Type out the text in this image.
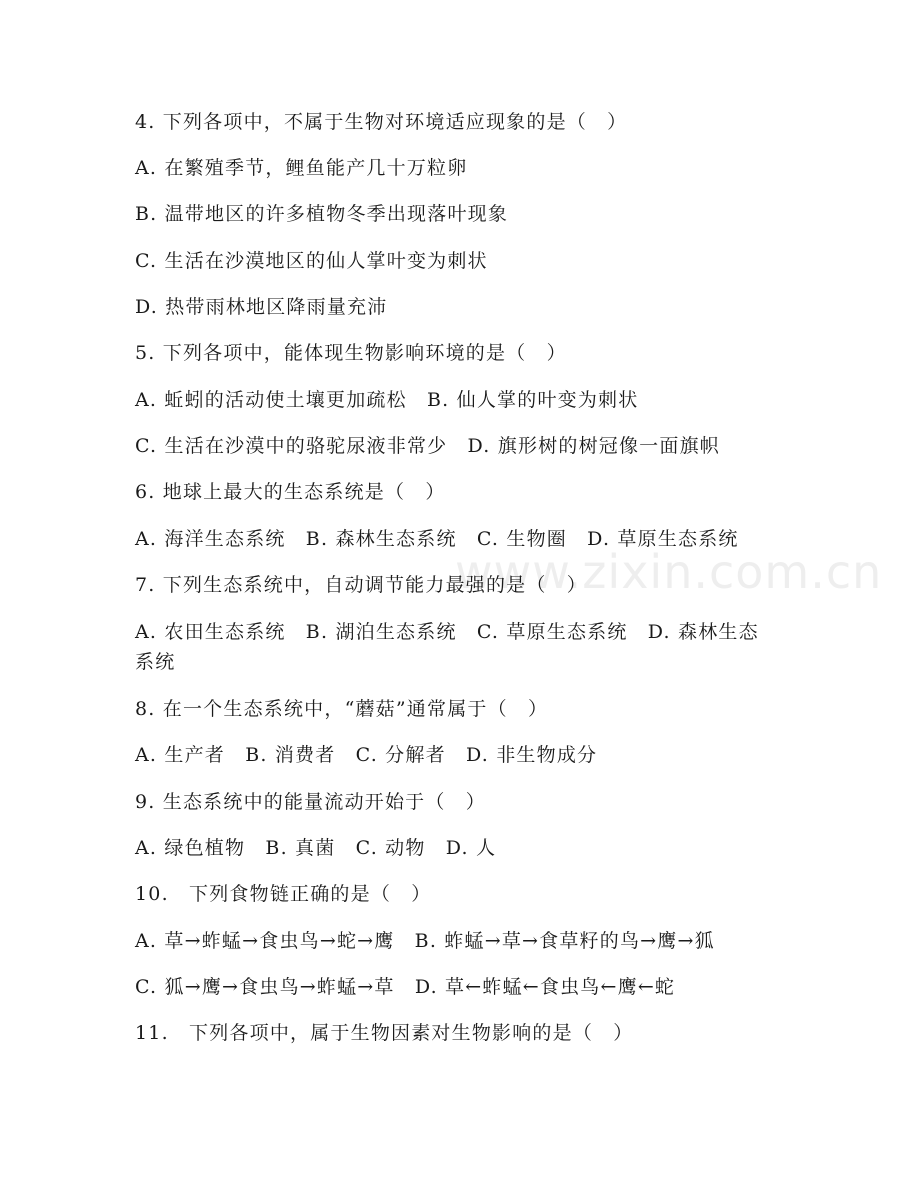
www.zixin.com.cn
4. 下列各项中，不属于生物对环境适应现象的是（　）
A. 在繁殖季节，鲤鱼能产几十万粒卵
B. 温带地区的许多植物冬季出现落叶现象
C. 生活在沙漠地区的仙人掌叶变为刺状
D. 热带雨林地区降雨量充沛
5. 下列各项中，能体现生物影响环境的是（　）
A. 蚯蚓的活动使土壤更加疏松　B. 仙人掌的叶变为刺状
C. 生活在沙漠中的骆驼尿液非常少　D. 旗形树的树冠像一面旗帜
6. 地球上最大的生态系统是（　）
A. 海洋生态系统　B. 森林生态系统　C. 生物圈　D. 草原生态系统
7. 下列生态系统中，自动调节能力最强的是（　）
A. 农田生态系统　B. 湖泊生态系统　C. 草原生态系统　D. 森林生态系统
8. 在一个生态系统中，“蘑菇”通常属于（　）
A. 生产者　B. 消费者　C. 分解者　D. 非生物成分
9. 生态系统中的能量流动开始于（　）
A. 绿色植物　B. 真菌　C. 动物　D. 人
10.　下列食物链正确的是（　）
A. 草→蚱蜢→食虫鸟→蛇→鹰　B. 蚱蜢→草→食草籽的鸟→鹰→狐
C. 狐→鹰→食虫鸟→蚱蜢→草　D. 草←蚱蜢←食虫鸟←鹰←蛇
11.　下列各项中，属于生物因素对生物影响的是（　）
